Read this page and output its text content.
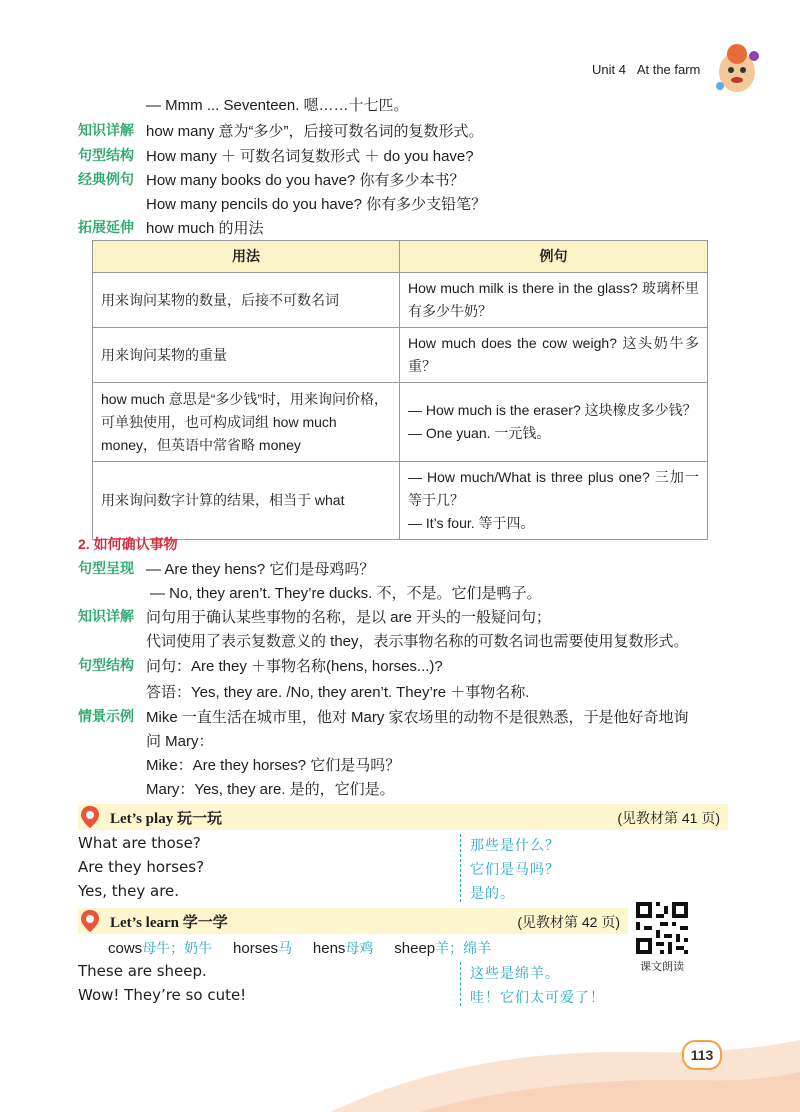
Unit 4 At the farm
— Mmm ... Seventeen. 嗯……十七匹。
知识详解 how many 意为“多少”，后接可数名词的复数形式。
句型结构 How many ＋ 可数名词复数形式 ＋ do you have?
经典例句 How many books do you have? 你有多少本书？
How many pencils do you have? 你有多少支铅笔？
拓展延伸 how much 的用法
用法	例句
用来询问某物的数量，后接不可数名词	How much milk is there in the glass? 玻璃杯里有多少牛奶？
用来询问某物的重量	How much does the cow weigh? 这头奶牛多重？
how much 意思是“多少钱”时，用来询问价格，可单独使用，也可构成词组 how much money，但英语中常省略 money	— How much is the eraser? 这块橡皮多少钱？
— One yuan. 一元钱。

用来询问数字计算的结果，相当于 what	— How much/What is three plus one? 三加一等于几？
— It’s four. 等于四。
2. 如何确认事物
句型呈现 — Are they hens? 它们是母鸡吗？
— No, they aren’t. They’re ducks. 不，不是。它们是鸭子。
知识详解 问句用于确认某些事物的名称，是以 are 开头的一般疑问句；
代词使用了表示复数意义的 they，表示事物名称的可数名词也需要使用复数形式。
句型结构 问句：Are they ＋事物名称(hens, horses...)?
答语：Yes, they are. /No, they aren’t. They’re ＋事物名称.
情景示例 Mike 一直生活在城市里，他对 Mary 家农场里的动物不是很熟悉，于是他好奇地询
问 Mary：
Mike：Are they horses? 它们是马吗？
Mary：Yes, they are. 是的，它们是。
Let’s play 玩一玩	(见教材第 41 页)
What are those?
Are they horses?
Yes, they are.
那些是什么？
它们是马吗？
是的。
Let’s learn 学一学	(见教材第 42 页)
cows母牛；奶牛 horses马 hens母鸡 sheep羊；绵羊
These are sheep.
Wow! They’re so cute!
这些是绵羊。
哇！它们太可爱了！
课文朗读
113
